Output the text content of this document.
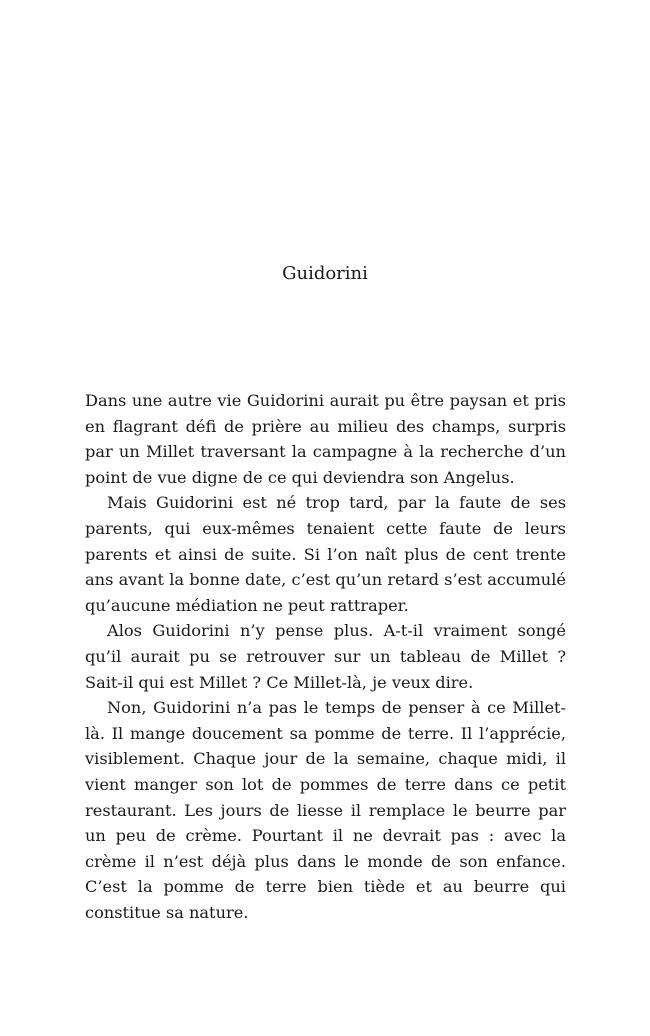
Guidorini

Dans une autre vie Guidorini aurait pu être paysan et pris en flagrant défi de prière au milieu des champs, surpris par un Millet traversant la campagne à la recherche d’un point de vue digne de ce qui deviendra son Angelus.

Mais Guidorini est né trop tard, par la faute de ses parents, qui eux-mêmes tenaient cette faute de leurs parents et ainsi de suite. Si l’on naît plus de cent trente ans avant la bonne date, c’est qu’un retard s’est accumulé qu’aucune médiation ne peut rattraper.

Alos Guidorini n’y pense plus. A-t-il vraiment songé qu’il aurait pu se retrouver sur un tableau de Millet ? Sait-il qui est Millet ? Ce Millet-là, je veux dire.

Non, Guidorini n’a pas le temps de penser à ce Millet-là. Il mange doucement sa pomme de terre. Il l’apprécie, visiblement. Chaque jour de la semaine, chaque midi, il vient manger son lot de pommes de terre dans ce petit restaurant. Les jours de liesse il remplace le beurre par un peu de crème. Pourtant il ne devrait pas : avec la crème il n’est déjà plus dans le monde de son enfance. C’est la pomme de terre bien tiède et au beurre qui constitue sa nature.
